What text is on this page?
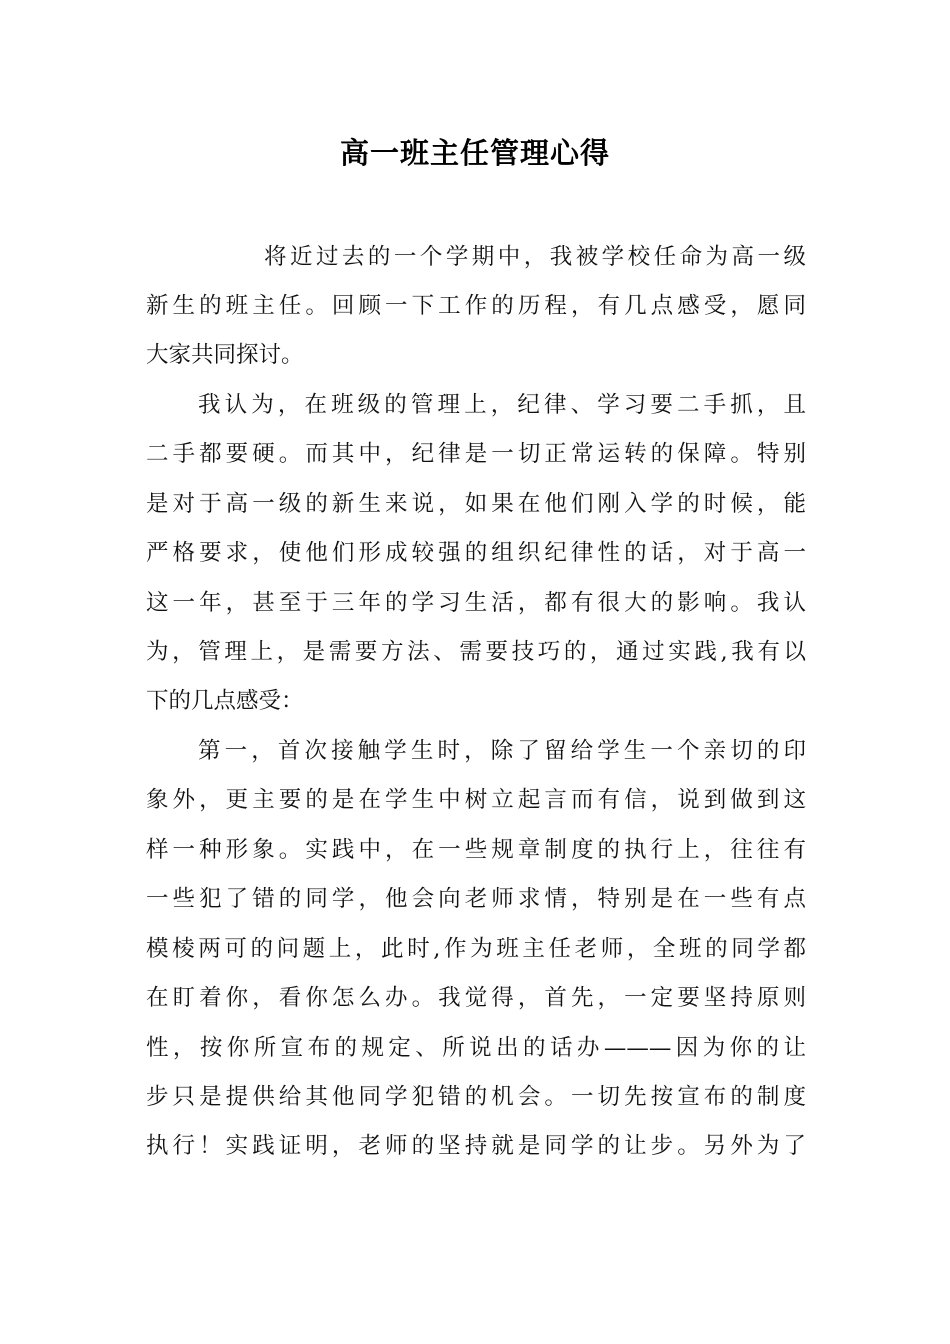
高一班主任管理心得

将近过去的一个学期中，我被学校任命为高一级

新生的班主任。回顾一下工作的历程，有几点感受，愿同

大家共同探讨。

我认为，在班级的管理上，纪律、学习要二手抓，且

二手都要硬。而其中，纪律是一切正常运转的保障。特别

是对于高一级的新生来说，如果在他们刚入学的时候，能

严格要求，使他们形成较强的组织纪律性的话，对于高一

这一年，甚至于三年的学习生活，都有很大的影响。我认

为，管理上，是需要方法、需要技巧的，通过实践,我有以

下的几点感受：

第一，首次接触学生时，除了留给学生一个亲切的印

象外，更主要的是在学生中树立起言而有信，说到做到这

样一种形象。实践中，在一些规章制度的执行上，往往有

一些犯了错的同学，他会向老师求情，特别是在一些有点

模棱两可的问题上，此时,作为班主任老师，全班的同学都

在盯着你，看你怎么办。我觉得，首先，一定要坚持原则

性，按你所宣布的规定、所说出的话办———因为你的让

步只是提供给其他同学犯错的机会。一切先按宣布的制度

执行！实践证明，老师的坚持就是同学的让步。另外为了
